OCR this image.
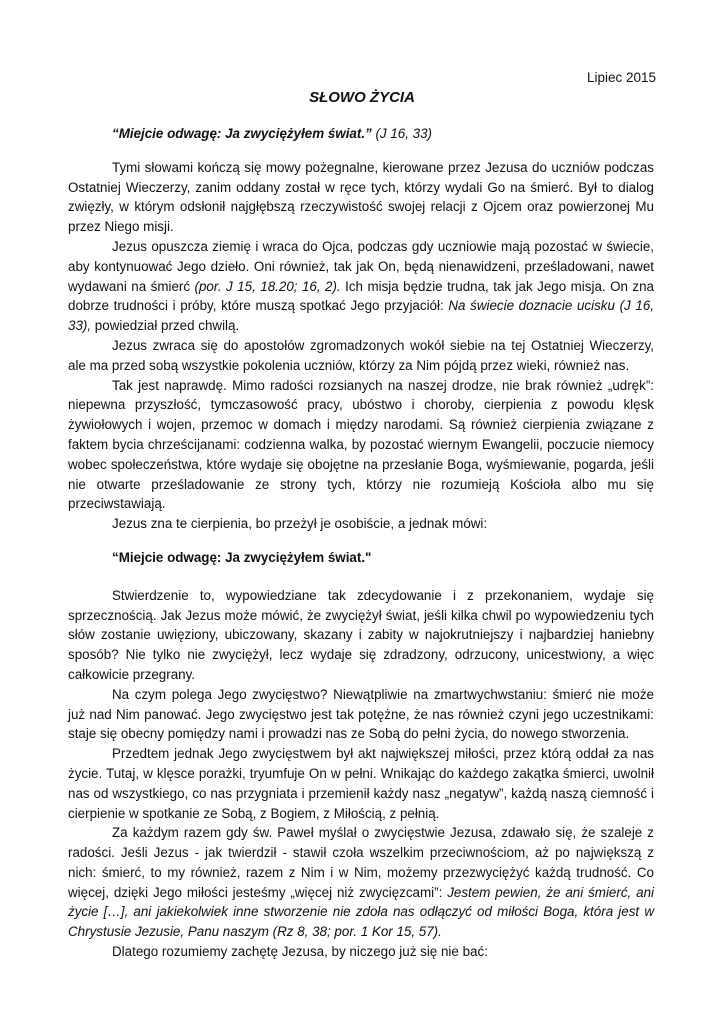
Lipiec 2015
SŁOWO ŻYCIA
“Miejcie odwagę: Ja zwyciężyłem świat.” (J 16, 33)

Tymi słowami kończą się mowy pożegnalne, kierowane przez Jezusa do uczniów podczas Ostatniej Wieczerzy, zanim oddany został w ręce tych, którzy wydali Go na śmierć. Był to dialog zwięzły, w którym odsłonił najgłębszą rzeczywistość swojej relacji z Ojcem oraz powierzonej Mu przez Niego misji.

Jezus opuszcza ziemię i wraca do Ojca, podczas gdy uczniowie mają pozostać w świecie, aby kontynuować Jego dzieło. Oni również, tak jak On, będą nienawidzeni, prześladowani, nawet wydawani na śmierć (por. J 15, 18.20; 16, 2). Ich misja będzie trudna, tak jak Jego misja. On zna dobrze trudności i próby, które muszą spotkać Jego przyjaciół: Na świecie doznacie ucisku (J 16, 33), powiedział przed chwilą.

Jezus zwraca się do apostołów zgromadzonych wokół siebie na tej Ostatniej Wieczerzy, ale ma przed sobą wszystkie pokolenia uczniów, którzy za Nim pójdą przez wieki, również nas.

Tak jest naprawdę. Mimo radości rozsianych na naszej drodze, nie brak również „udręk”: niepewna przyszłość, tymczasowość pracy, ubóstwo i choroby, cierpienia z powodu klęsk żywiołowych i wojen, przemoc w domach i między narodami. Są również cierpienia związane z faktem bycia chrześcijanami: codzienna walka, by pozostać wiernym Ewangelii, poczucie niemocy wobec społeczeństwa, które wydaje się obojętne na przesłanie Boga, wyśmiewanie, pogarda, jeśli nie otwarte prześladowanie ze strony tych, którzy nie rozumieją Kościoła albo mu się przeciwstawiają.

Jezus zna te cierpienia, bo przeżył je osobiście, a jednak mówi:

“Miejcie odwagę: Ja zwyciężyłem świat."

Stwierdzenie to, wypowiedziane tak zdecydowanie i z przekonaniem, wydaje się sprzecznością. Jak Jezus może mówić, że zwyciężył świat, jeśli kilka chwil po wypowiedzeniu tych słów zostanie uwięziony, ubiczowany, skazany i zabity w najokrutniejszy i najbardziej haniebny sposób? Nie tylko nie zwyciężył, lecz wydaje się zdradzony, odrzucony, unicestwiony, a więc całkowicie przegrany.

Na czym polega Jego zwycięstwo? Niewątpliwie na zmartwychwstaniu: śmierć nie może już nad Nim panować. Jego zwycięstwo jest tak potężne, że nas również czyni jego uczestnikami: staje się obecny pomiędzy nami i prowadzi nas ze Sobą do pełni życia, do nowego stworzenia.

Przedtem jednak Jego zwycięstwem był akt największej miłości, przez którą oddał za nas życie. Tutaj, w klęsce porażki, tryumfuje On w pełni. Wnikając do każdego zakątka śmierci, uwolnił nas od wszystkiego, co nas przygniata i przemienił każdy nasz „negatyw”, każdą naszą ciemność i cierpienie w spotkanie ze Sobą, z Bogiem, z Miłością, z pełnią.

Za każdym razem gdy św. Paweł myślał o zwycięstwie Jezusa, zdawało się, że szaleje z radości. Jeśli Jezus - jak twierdził - stawił czoła wszelkim przeciwnościom, aż po największą z nich: śmierć, to my również, razem z Nim i w Nim, możemy przezwyciężyć każdą trudność. Co więcej, dzięki Jego miłości jesteśmy „więcej niż zwycięzcami”: Jestem pewien, że ani śmierć, ani życie […], ani jakiekolwiek inne stworzenie nie zdoła nas odłączyć od miłości Boga, która jest w Chrystusie Jezusie, Panu naszym (Rz 8, 38; por. 1 Kor 15, 57).

Dlatego rozumiemy zachętę Jezusa, by niczego już się nie bać:
